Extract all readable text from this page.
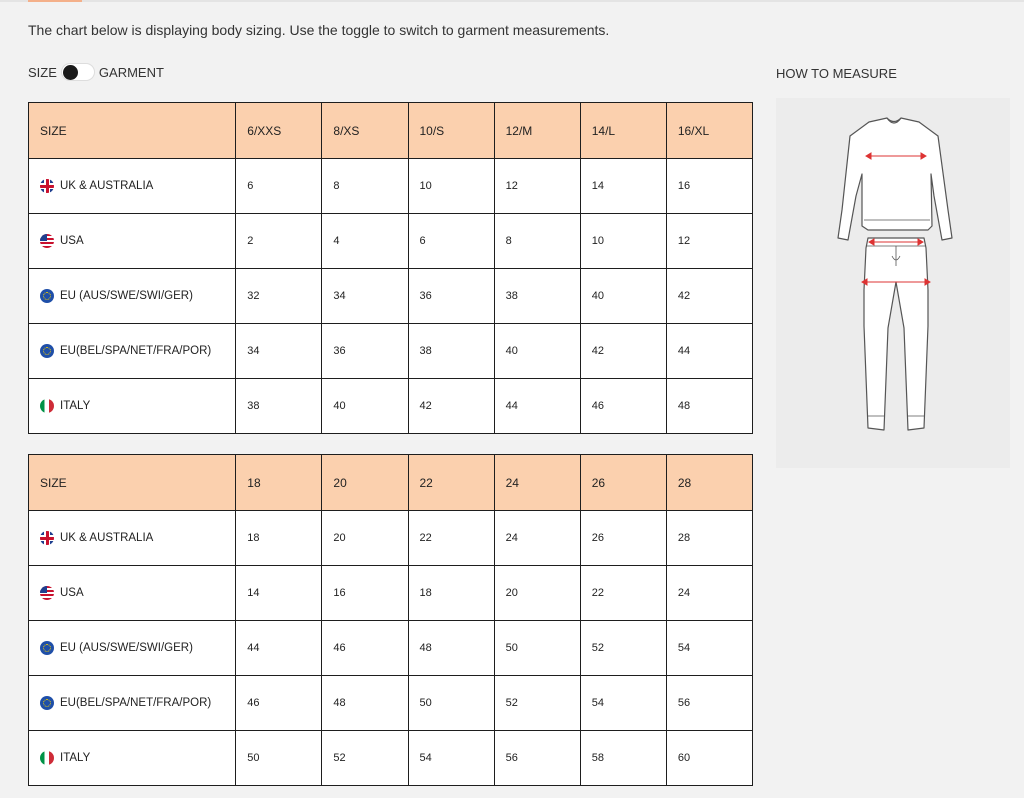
The chart below is displaying body sizing. Use the toggle to switch to garment measurements.

SIZE	GARMENT	HOW TO MEASURE
SIZE	6/XXS	8/XS	10/S	12/M	14/L	16/XL

UK & AUSTRALIA	6	8	10	12	14	16

USA	2	4	6	8	10	12

EU (AUS/SWE/SWI/GER)	32	34	36	38	40	42

EU(BEL/SPA/NET/FRA/POR)	34	36	38	40	42	44

ITALY	38	40	42	44	46	48
SIZE	18	20	22	24	26	28

UK & AUSTRALIA	18	20	22	24	26	28

USA	14	16	18	20	22	24

EU (AUS/SWE/SWI/GER)	44	46	48	50	52	54

EU(BEL/SPA/NET/FRA/POR)	46	48	50	52	54	56

ITALY	50	52	54	56	58	60
